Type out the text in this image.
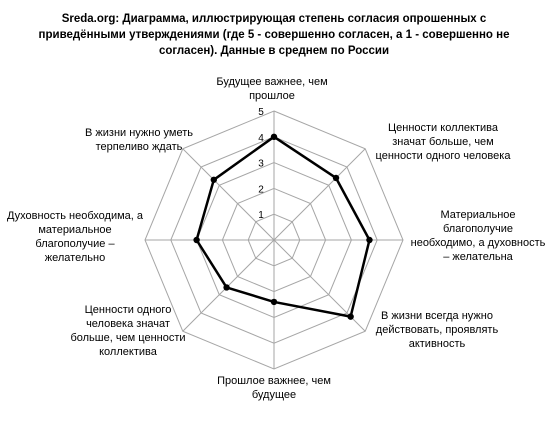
Sreda.org: Диаграмма, иллюстрирующая степень согласия опрошенных с
приведёнными утверждениями (где 5 - совершенно согласен, а 1 - совершенно не
согласен). Данные в среднем по России
1
2
3
4
5
Будущее важнее, чем прошлое
Ценности коллектива значат больше, чем ценности одного человека
Материальное благополучие необходимо, а духовность – желательна
В жизни всегда нужно действовать, проявлять активность
Прошлое важнее, чем будущее
Ценности одного человека значат больше, чем ценности коллектива
Духовность необходима, а материальное благополучие – желательно
В жизни нужно уметь терпеливо ждать
